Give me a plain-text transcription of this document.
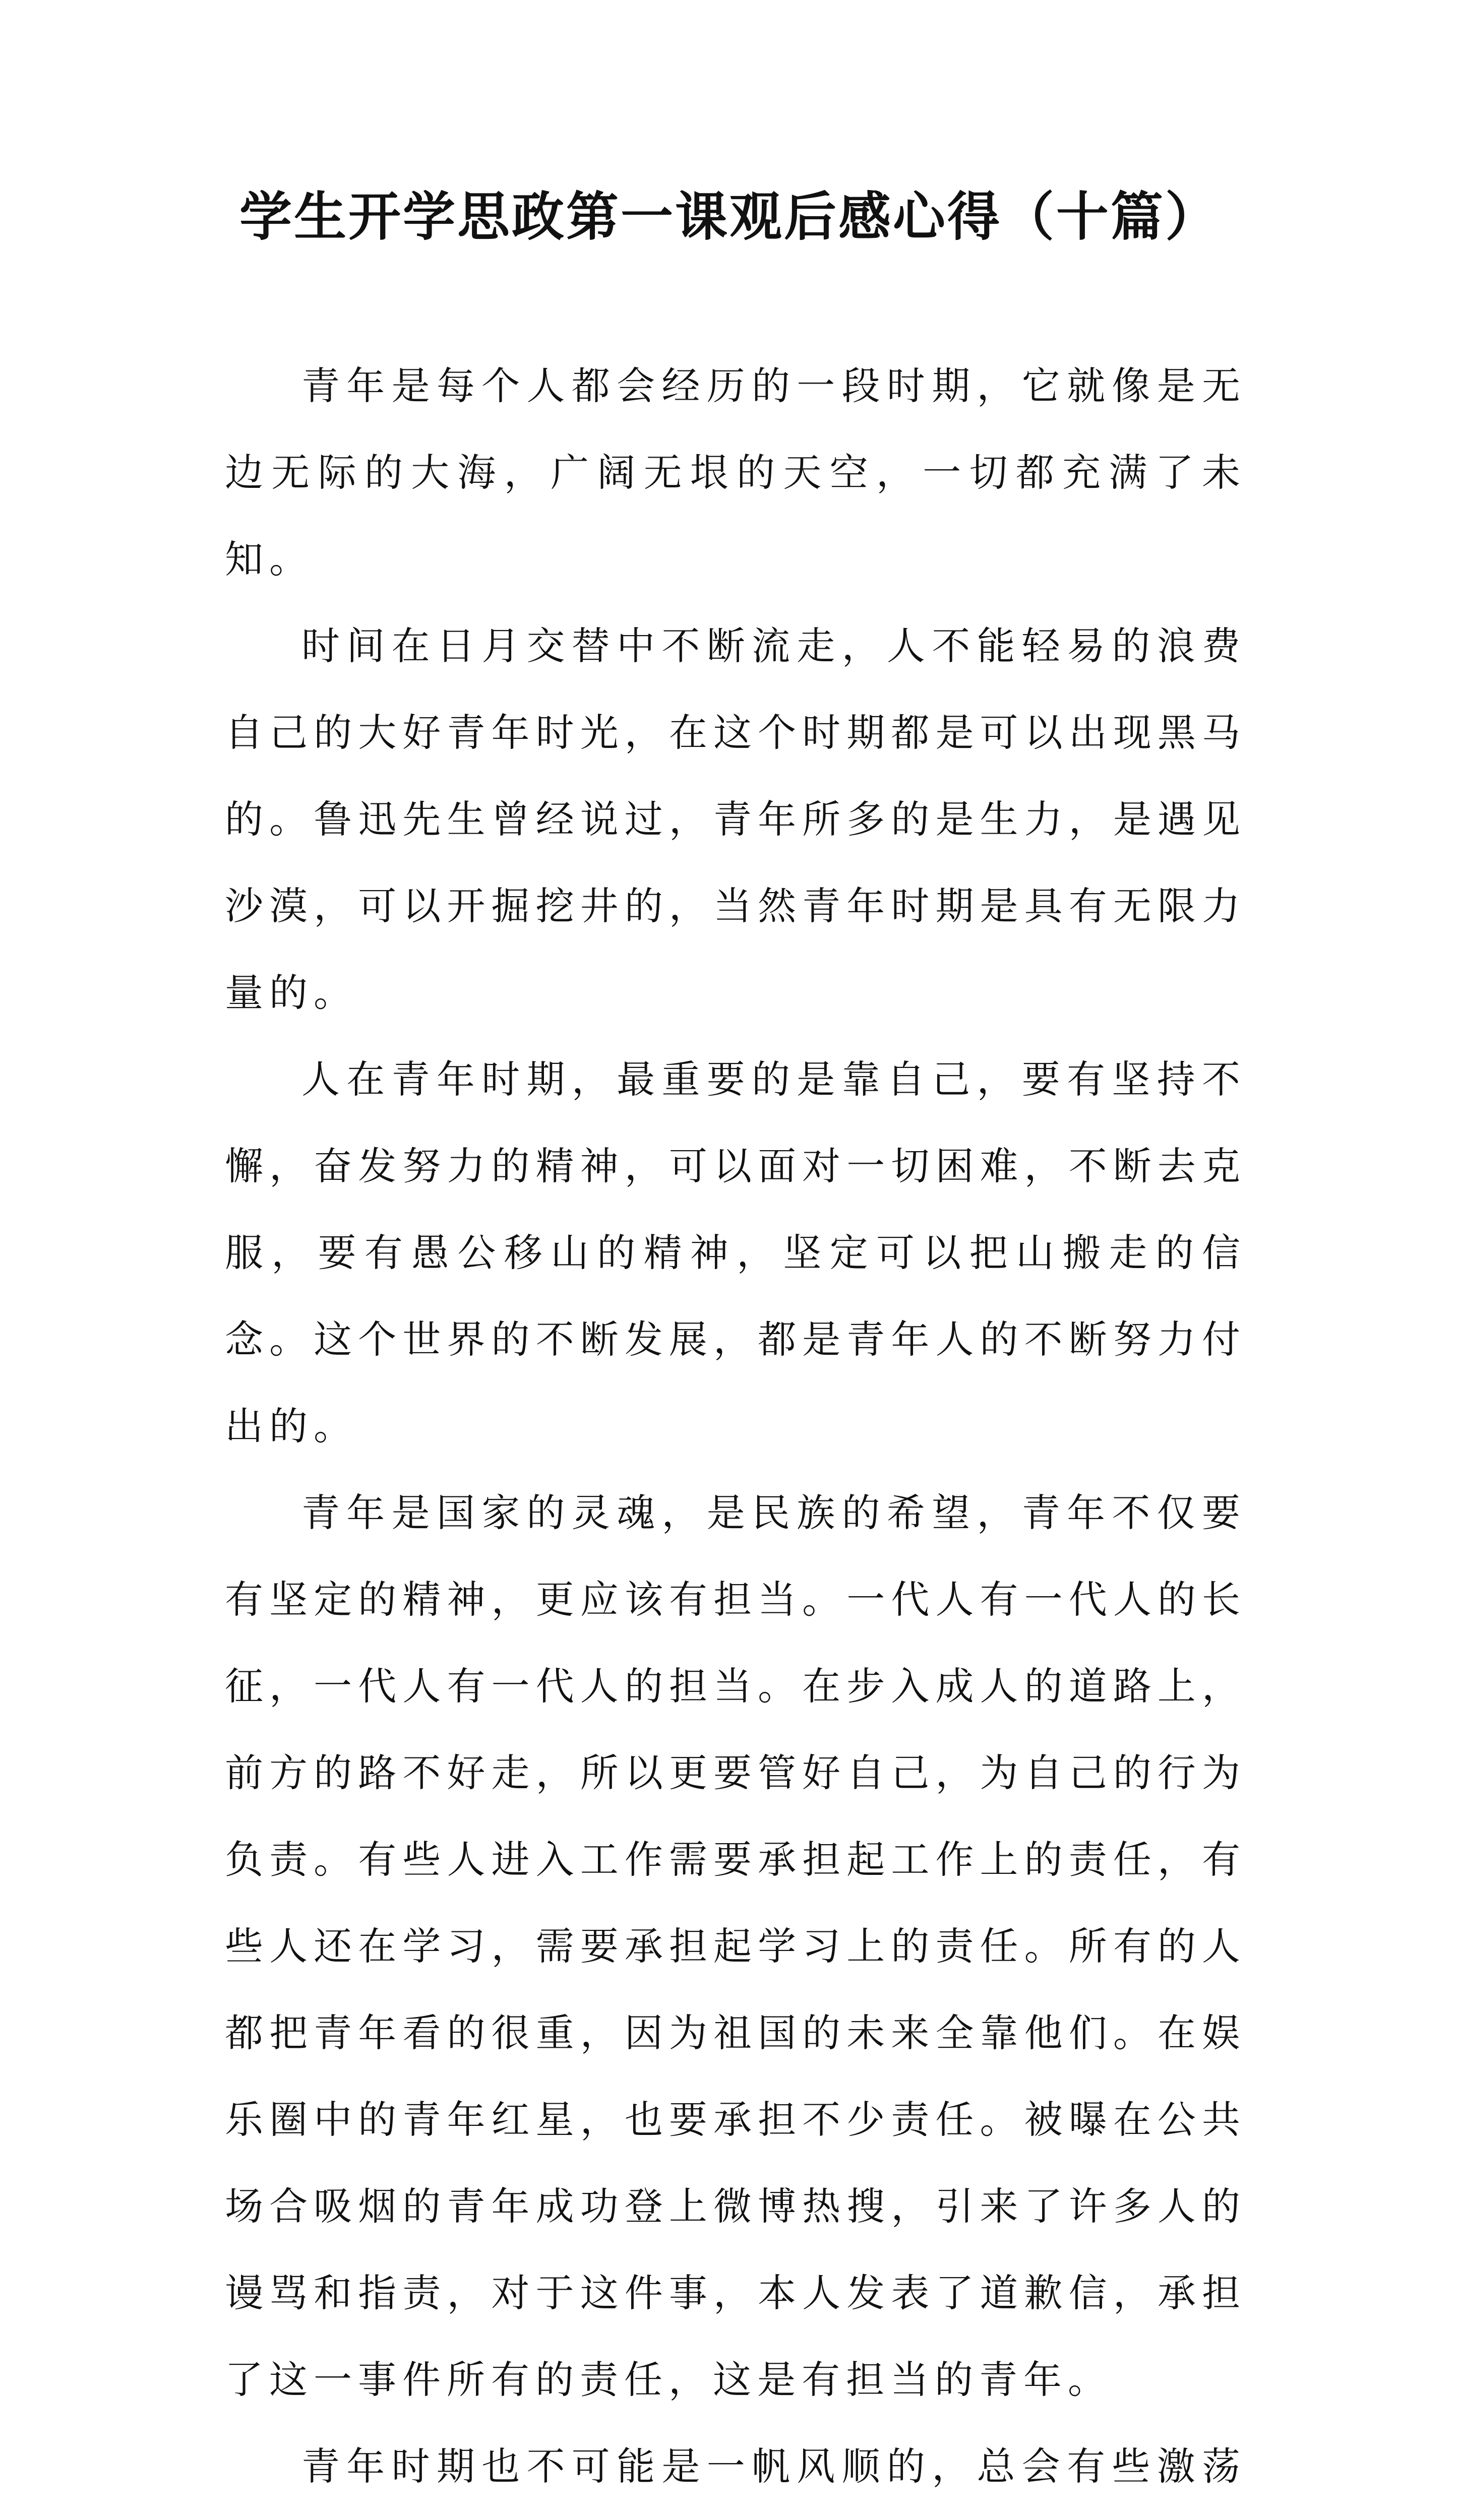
学生开学思政第一课观后感心得（十篇）

青年是每个人都会经历的一段时期，它就像是无边无际的大海，广阔无垠的天空，一切都充满了未知。

时间在日月交替中不断流走，人不能轻易的浪费自己的大好青年时光，在这个时期都是可以出现黑马的。鲁迅先生曾经说过，青年所多的是生力，是遇见沙漠，可以开掘挖井的，当然青年时期是具有无限力量的。

人在青年时期，最重要的是靠自己，要有坚持不懈，奋发努力的精神，可以面对一切困难，不断去克服，要有愚公移山的精神，坚定可以把山搬走的信念。这个世界的不断发展，都是青年人的不断努力付出的。

青年是国家的灵魂，是民族的希望，青年不仅要有坚定的精神，更应该有担当。一代人有一代人的长征，一代人有一代人的担当。在步入成人的道路上，前方的路不好走，所以更要管好自己，为自己的行为负责。有些人进入工作需要承担起工作上的责任，有些人还在学习，需要承担起学习上的责任。所有的人都把青年看的很重，因为祖国的未来全靠他们。在娱乐圈中的青年红星，也要承担不少责任。被曝在公共场合吸烟的青年成功登上微博热搜，引来了许多人的谩骂和指责，对于这件事，本人发表了道歉信，承担了这一事件所有的责任，这是有担当的青年。

青年时期也不可能是一帆风顺的，总会有些激荡
